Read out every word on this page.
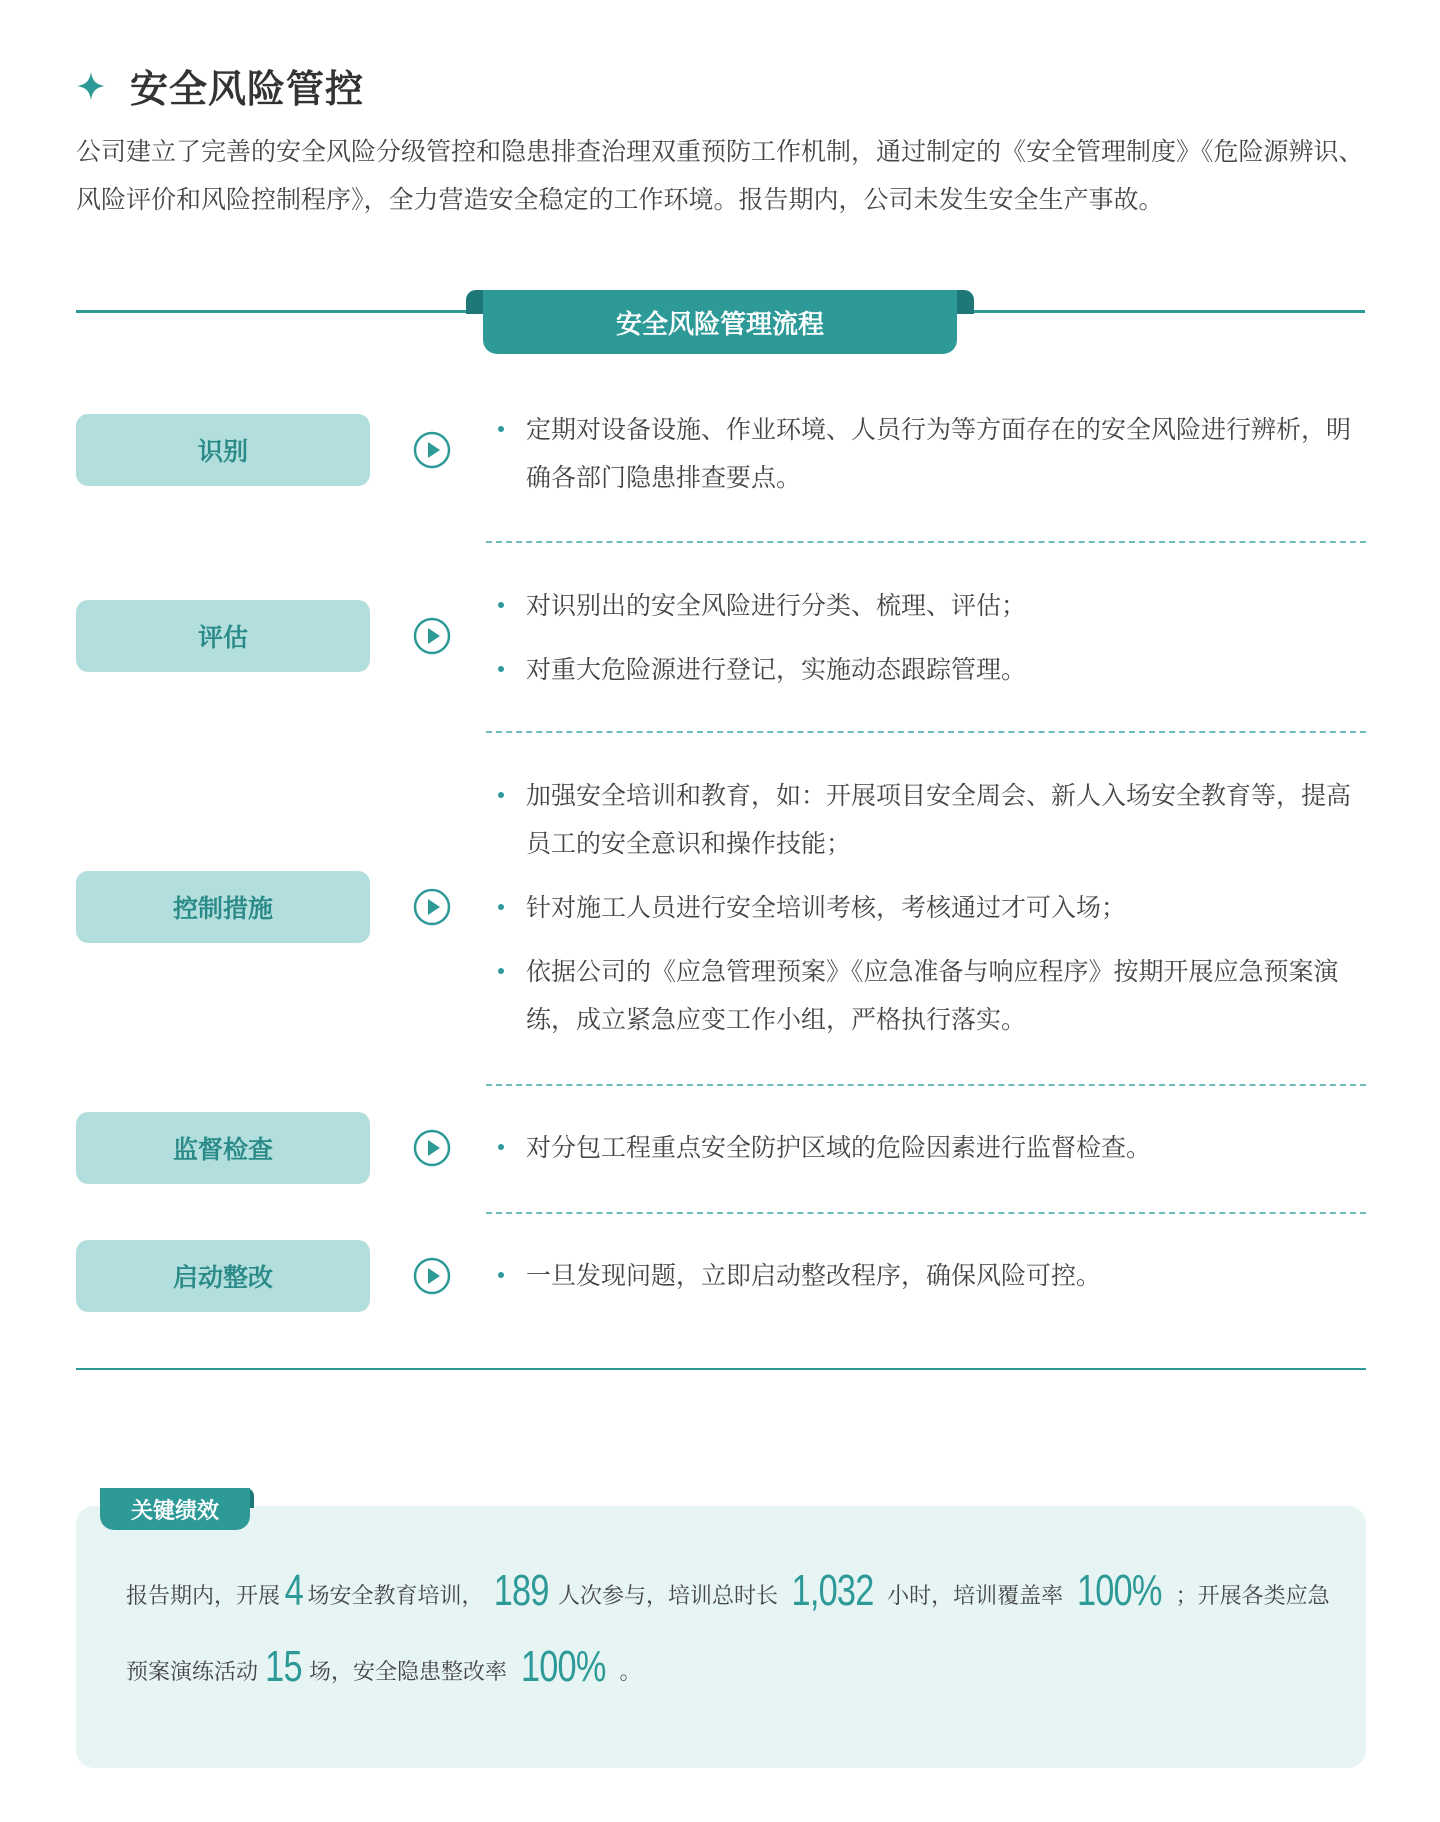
安全风险管控

公司建立了完善的安全风险分级管控和隐患排查治理双重预防工作机制，通过制定的《安全管理制度》《危险源辨识、风险评价和风险控制程序》，全力营造安全稳定的工作环境。报告期内，公司未发生安全生产事故。

安全风险管理流程
识别
定期对设备设施、作业环境、人员行为等方面存在的安全风险进行辨析，明确各部门隐患排查要点。
评估
对识别出的安全风险进行分类、梳理、评估；
对重大危险源进行登记，实施动态跟踪管理。
控制措施
加强安全培训和教育，如：开展项目安全周会、新人入场安全教育等，提高员工的安全意识和操作技能；
针对施工人员进行安全培训考核，考核通过才可入场；
依据公司的《应急管理预案》《应急准备与响应程序》按期开展应急预案演练，成立紧急应变工作小组，严格执行落实。
监督检查	对分包工程重点安全防护区域的危险因素进行监督检查。
启动整改	一旦发现问题，立即启动整改程序，确保风险可控。
关键绩效

报告期内，开展 4 场安全教育培训， 189 人次参与，培训总时长 1,032 小时，培训覆盖率 100% ；开展各类应急预案演练活动 15 场，安全隐患整改率 100% 。
